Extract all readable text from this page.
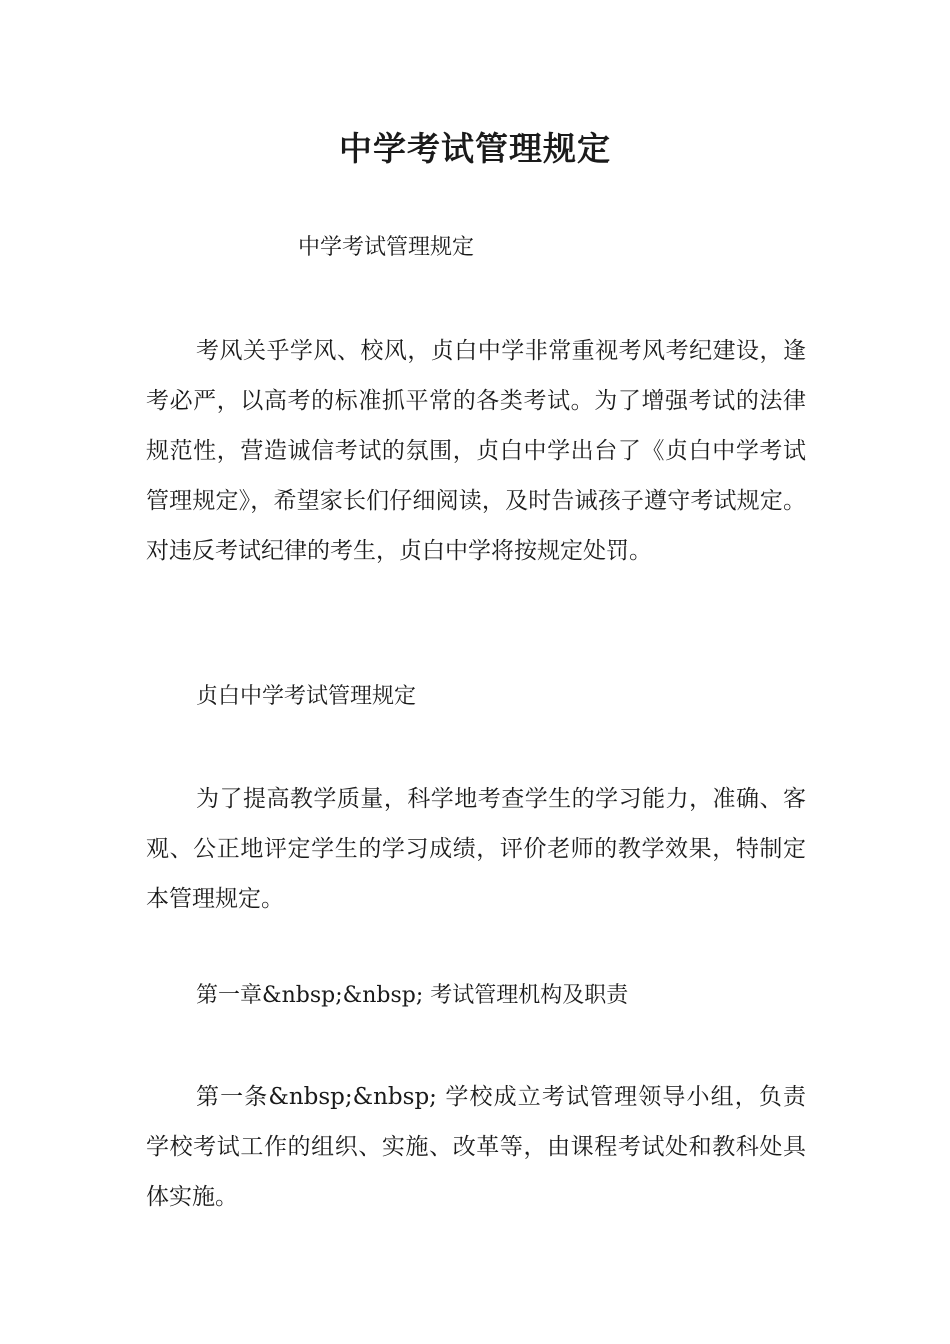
中学考试管理规定
中学考试管理规定

考风关乎学风、校风，贞白中学非常重视考风考纪建设，逢考必严，以高考的标准抓平常的各类考试。为了增强考试的法律规范性，营造诚信考试的氛围，贞白中学出台了《贞白中学考试管理规定》，希望家长们仔细阅读，及时告诫孩子遵守考试规定。对违反考试纪律的考生，贞白中学将按规定处罚。

贞白中学考试管理规定

为了提高教学质量，科学地考查学生的学习能力，准确、客观、公正地评定学生的学习成绩，评价老师的教学效果，特制定本管理规定。

第一章&nbsp;&nbsp; 考试管理机构及职责

第一条&nbsp;&nbsp; 学校成立考试管理领导小组，负责学校考试工作的组织、实施、改革等，由课程考试处和教科处具体实施。
